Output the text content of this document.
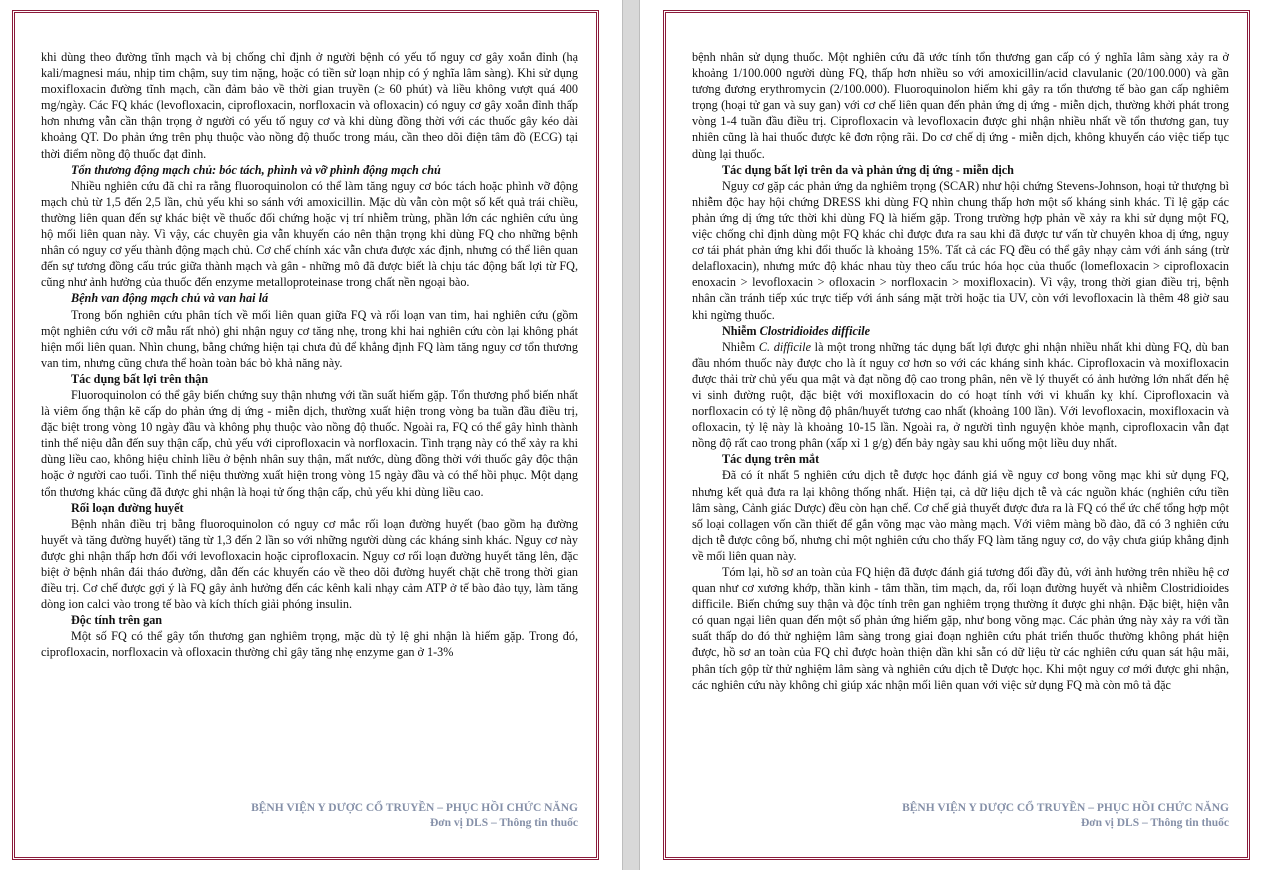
khi dùng theo đường tĩnh mạch và bị chống chỉ định ở người bệnh có yếu tố nguy cơ gây xoắn đỉnh (hạ kali/magnesi máu, nhịp tim chậm, suy tim nặng, hoặc có tiền sử loạn nhịp có ý nghĩa lâm sàng). Khi sử dụng moxifloxacin đường tĩnh mạch, cần đảm bảo về thời gian truyền (≥ 60 phút) và liều không vượt quá 400 mg/ngày. Các FQ khác (levofloxacin, ciprofloxacin, norfloxacin và ofloxacin) có nguy cơ gây xoắn đỉnh thấp hơn nhưng vẫn cần thận trọng ở người có yếu tố nguy cơ và khi dùng đồng thời với các thuốc gây kéo dài khoảng QT. Do phản ứng trên phụ thuộc vào nồng độ thuốc trong máu, cần theo dõi điện tâm đồ (ECG) tại thời điểm nồng độ thuốc đạt đỉnh.

Tổn thương động mạch chủ: bóc tách, phình và vỡ phình động mạch chủ

Nhiều nghiên cứu đã chỉ ra rằng fluoroquinolon có thể làm tăng nguy cơ bóc tách hoặc phình vỡ động mạch chủ từ 1,5 đến 2,5 lần, chủ yếu khi so sánh với amoxicillin. Mặc dù vẫn còn một số kết quả trái chiều, thường liên quan đến sự khác biệt về thuốc đối chứng hoặc vị trí nhiễm trùng, phần lớn các nghiên cứu ủng hộ mối liên quan này. Vì vậy, các chuyên gia vẫn khuyến cáo nên thận trọng khi dùng FQ cho những bệnh nhân có nguy cơ yếu thành động mạch chủ. Cơ chế chính xác vẫn chưa được xác định, nhưng có thể liên quan đến sự tương đồng cấu trúc giữa thành mạch và gân - những mô đã được biết là chịu tác động bất lợi từ FQ, cũng như ảnh hưởng của thuốc đến enzyme metalloproteinase trong chất nền ngoại bào.

Bệnh van động mạch chủ và van hai lá

Trong bốn nghiên cứu phân tích về mối liên quan giữa FQ và rối loạn van tim, hai nghiên cứu (gồm một nghiên cứu với cỡ mẫu rất nhỏ) ghi nhận nguy cơ tăng nhẹ, trong khi hai nghiên cứu còn lại không phát hiện mối liên quan. Nhìn chung, bằng chứng hiện tại chưa đủ để khẳng định FQ làm tăng nguy cơ tổn thương van tim, nhưng cũng chưa thể hoàn toàn bác bỏ khả năng này.

Tác dụng bất lợi trên thận

Fluoroquinolon có thể gây biến chứng suy thận nhưng với tần suất hiếm gặp. Tổn thương phổ biến nhất là viêm ống thận kẽ cấp do phản ứng dị ứng - miễn dịch, thường xuất hiện trong vòng ba tuần đầu điều trị, đặc biệt trong vòng 10 ngày đầu và không phụ thuộc vào nồng độ thuốc. Ngoài ra, FQ có thể gây hình thành tinh thể niệu dẫn đến suy thận cấp, chủ yếu với ciprofloxacin và norfloxacin. Tình trạng này có thể xảy ra khi dùng liều cao, không hiệu chỉnh liều ở bệnh nhân suy thận, mất nước, dùng đồng thời với thuốc gây độc thận hoặc ở người cao tuổi. Tinh thể niệu thường xuất hiện trong vòng 15 ngày đầu và có thể hồi phục. Một dạng tổn thương khác cũng đã được ghi nhận là hoại tử ống thận cấp, chủ yếu khi dùng liều cao.

Rối loạn đường huyết

Bệnh nhân điều trị bằng fluoroquinolon có nguy cơ mắc rối loạn đường huyết (bao gồm hạ đường huyết và tăng đường huyết) tăng từ 1,3 đến 2 lần so với những người dùng các kháng sinh khác. Nguy cơ này được ghi nhận thấp hơn đối với levofloxacin hoặc ciprofloxacin. Nguy cơ rối loạn đường huyết tăng lên, đặc biệt ở bệnh nhân đái tháo đường, dẫn đến các khuyến cáo về theo dõi đường huyết chặt chẽ trong thời gian điều trị. Cơ chế được gợi ý là FQ gây ảnh hưởng đến các kênh kali nhạy cảm ATP ở tế bào đảo tụy, làm tăng dòng ion calci vào trong tế bào và kích thích giải phóng insulin.

Độc tính trên gan

Một số FQ có thể gây tổn thương gan nghiêm trọng, mặc dù tỷ lệ ghi nhận là hiếm gặp. Trong đó, ciprofloxacin, norfloxacin và ofloxacin thường chỉ gây tăng nhẹ enzyme gan ở 1-3%

BỆNH VIỆN Y DƯỢC CỔ TRUYỀN – PHỤC HỒI CHỨC NĂNG
Đơn vị DLS – Thông tin thuốc

bệnh nhân sử dụng thuốc. Một nghiên cứu đã ước tính tổn thương gan cấp có ý nghĩa lâm sàng xảy ra ở khoảng 1/100.000 người dùng FQ, thấp hơn nhiều so với amoxicillin/acid clavulanic (20/100.000) và gần tương đương erythromycin (2/100.000). Fluoroquinolon hiếm khi gây ra tổn thương tế bào gan cấp nghiêm trọng (hoại tử gan và suy gan) với cơ chế liên quan đến phản ứng dị ứng - miễn dịch, thường khởi phát trong vòng 1-4 tuần đầu điều trị. Ciprofloxacin và levofloxacin được ghi nhận nhiều nhất về tổn thương gan, tuy nhiên cũng là hai thuốc được kê đơn rộng rãi. Do cơ chế dị ứng - miễn dịch, không khuyến cáo việc tiếp tục dùng lại thuốc.

Tác dụng bất lợi trên da và phản ứng dị ứng - miễn dịch

Nguy cơ gặp các phản ứng da nghiêm trọng (SCAR) như hội chứng Stevens-Johnson, hoại tử thượng bì nhiễm độc hay hội chứng DRESS khi dùng FQ nhìn chung thấp hơn một số kháng sinh khác. Tỉ lệ gặp các phản ứng dị ứng tức thời khi dùng FQ là hiếm gặp. Trong trường hợp phản về xảy ra khi sử dụng một FQ, việc chống chỉ định dùng một FQ khác chỉ được đưa ra sau khi đã được tư vấn từ chuyên khoa dị ứng, nguy cơ tái phát phản ứng khi đổi thuốc là khoảng 15%. Tất cả các FQ đều có thể gây nhạy cảm với ánh sáng (trừ delafloxacin), nhưng mức độ khác nhau tùy theo cấu trúc hóa học của thuốc (lomefloxacin > ciprofloxacin enoxacin > levofloxacin > ofloxacin > norfloxacin > moxifloxacin). Vì vậy, trong thời gian điều trị, bệnh nhân cần tránh tiếp xúc trực tiếp với ánh sáng mặt trời hoặc tia UV, còn với levofloxacin là thêm 48 giờ sau khi ngừng thuốc.

Nhiễm Clostridioides difficile

Nhiễm C. difficile là một trong những tác dụng bất lợi được ghi nhận nhiều nhất khi dùng FQ, dù ban đầu nhóm thuốc này được cho là ít nguy cơ hơn so với các kháng sinh khác. Ciprofloxacin và moxifloxacin được thải trừ chủ yếu qua mật và đạt nồng độ cao trong phân, nên về lý thuyết có ảnh hưởng lớn nhất đến hệ vi sinh đường ruột, đặc biệt với moxifloxacin do có hoạt tính với vi khuẩn kỵ khí. Ciprofloxacin và norfloxacin có tỷ lệ nồng độ phân/huyết tương cao nhất (khoảng 100 lần). Với levofloxacin, moxifloxacin và ofloxacin, tỷ lệ này là khoảng 10-15 lần. Ngoài ra, ở người tình nguyện khỏe mạnh, ciprofloxacin vẫn đạt nồng độ rất cao trong phân (xấp xỉ 1 g/g) đến bảy ngày sau khi uống một liều duy nhất.

Tác dụng trên mắt

Đã có ít nhất 5 nghiên cứu dịch tễ được học đánh giá về nguy cơ bong võng mạc khi sử dụng FQ, nhưng kết quả đưa ra lại không thống nhất. Hiện tại, cả dữ liệu dịch tễ và các nguồn khác (nghiên cứu tiền lâm sàng, Cảnh giác Dược) đều còn hạn chế. Cơ chế giả thuyết được đưa ra là FQ có thể ức chế tổng hợp một số loại collagen vốn cần thiết để gắn võng mạc vào màng mạch. Với viêm màng bồ đào, đã có 3 nghiên cứu dịch tễ được công bố, nhưng chỉ một nghiên cứu cho thấy FQ làm tăng nguy cơ, do vậy chưa giúp khẳng định về mối liên quan này.

Tóm lại, hồ sơ an toàn của FQ hiện đã được đánh giá tương đối đầy đủ, với ảnh hưởng trên nhiều hệ cơ quan như cơ xương khớp, thần kinh - tâm thần, tim mạch, da, rối loạn đường huyết và nhiễm Clostridioides difficile. Biến chứng suy thận và độc tính trên gan nghiêm trọng thường ít được ghi nhận. Đặc biệt, hiện vẫn có quan ngại liên quan đến một số phản ứng hiếm gặp, như bong võng mạc. Các phản ứng này xảy ra với tần suất thấp do đó thử nghiệm lâm sàng trong giai đoạn nghiên cứu phát triển thuốc thường không phát hiện được, hồ sơ an toàn của FQ chỉ được hoàn thiện dần khi sẵn có dữ liệu từ các nghiên cứu quan sát hậu mãi, phân tích gộp từ thử nghiệm lâm sàng và nghiên cứu dịch tễ Dược học. Khi một nguy cơ mới được ghi nhận, các nghiên cứu này không chỉ giúp xác nhận mối liên quan với việc sử dụng FQ mà còn mô tả đặc

BỆNH VIỆN Y DƯỢC CỔ TRUYỀN – PHỤC HỒI CHỨC NĂNG
Đơn vị DLS – Thông tin thuốc
